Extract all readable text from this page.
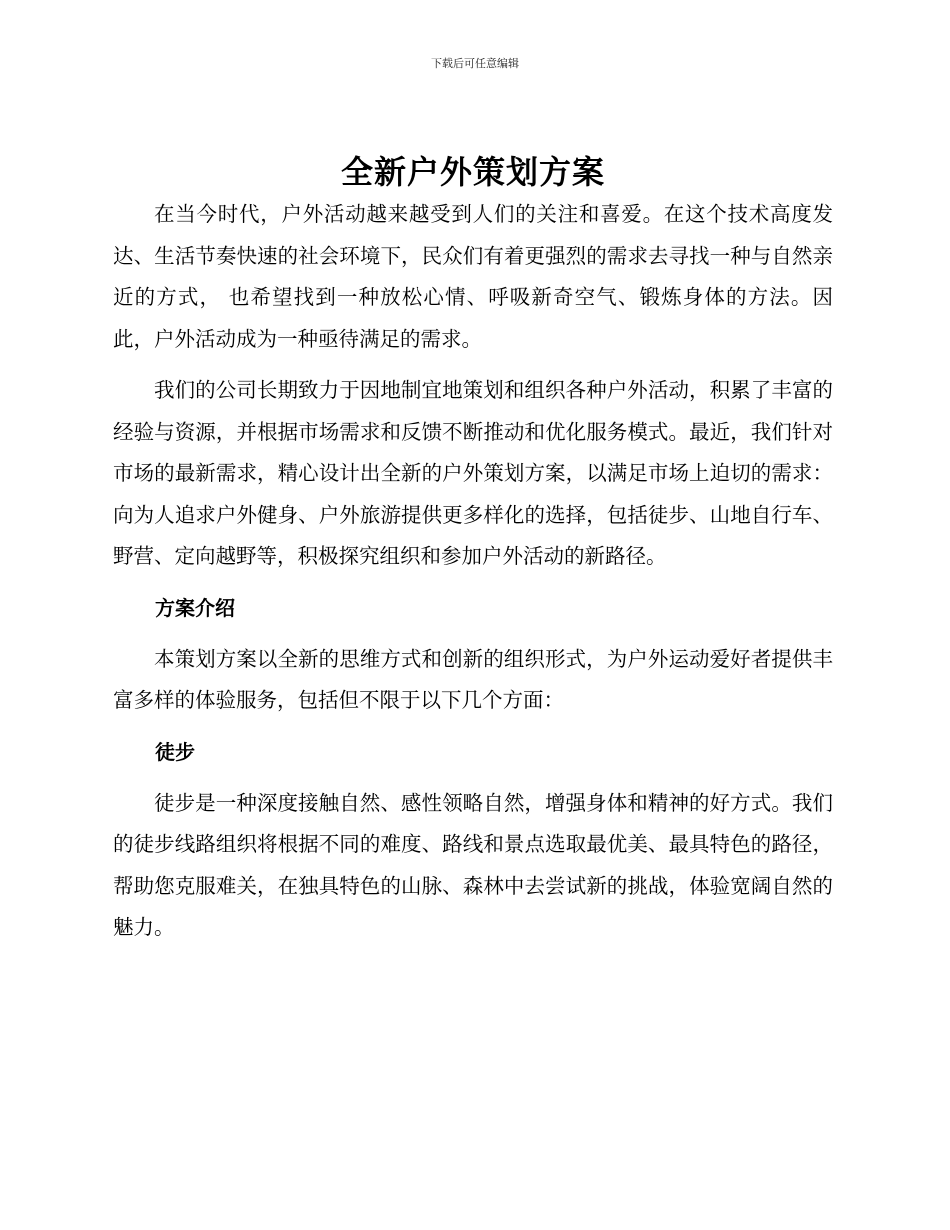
下载后可任意编辑
全新户外策划方案

在当今时代，户外活动越来越受到人们的关注和喜爱。在这个技术高度发达、生活节奏快速的社会环境下，民众们有着更强烈的需求去寻找一种与自然亲近的方式， 也希望找到一种放松心情、呼吸新奇空气、锻炼身体的方法。因此，户外活动成为一种亟待满足的需求。

我们的公司长期致力于因地制宜地策划和组织各种户外活动，积累了丰富的经验与资源，并根据市场需求和反馈不断推动和优化服务模式。最近，我们针对市场的最新需求，精心设计出全新的户外策划方案，以满足市场上迫切的需求：向为人追求户外健身、户外旅游提供更多样化的选择，包括徒步、山地自行车、野营、定向越野等，积极探究组织和参加户外活动的新路径。

方案介绍

本策划方案以全新的思维方式和创新的组织形式，为户外运动爱好者提供丰富多样的体验服务，包括但不限于以下几个方面：

徒步

徒步是一种深度接触自然、感性领略自然，增强身体和精神的好方式。我们的徒步线路组织将根据不同的难度、路线和景点选取最优美、最具特色的路径，帮助您克服难关，在独具特色的山脉、森林中去尝试新的挑战，体验宽阔自然的魅力。
